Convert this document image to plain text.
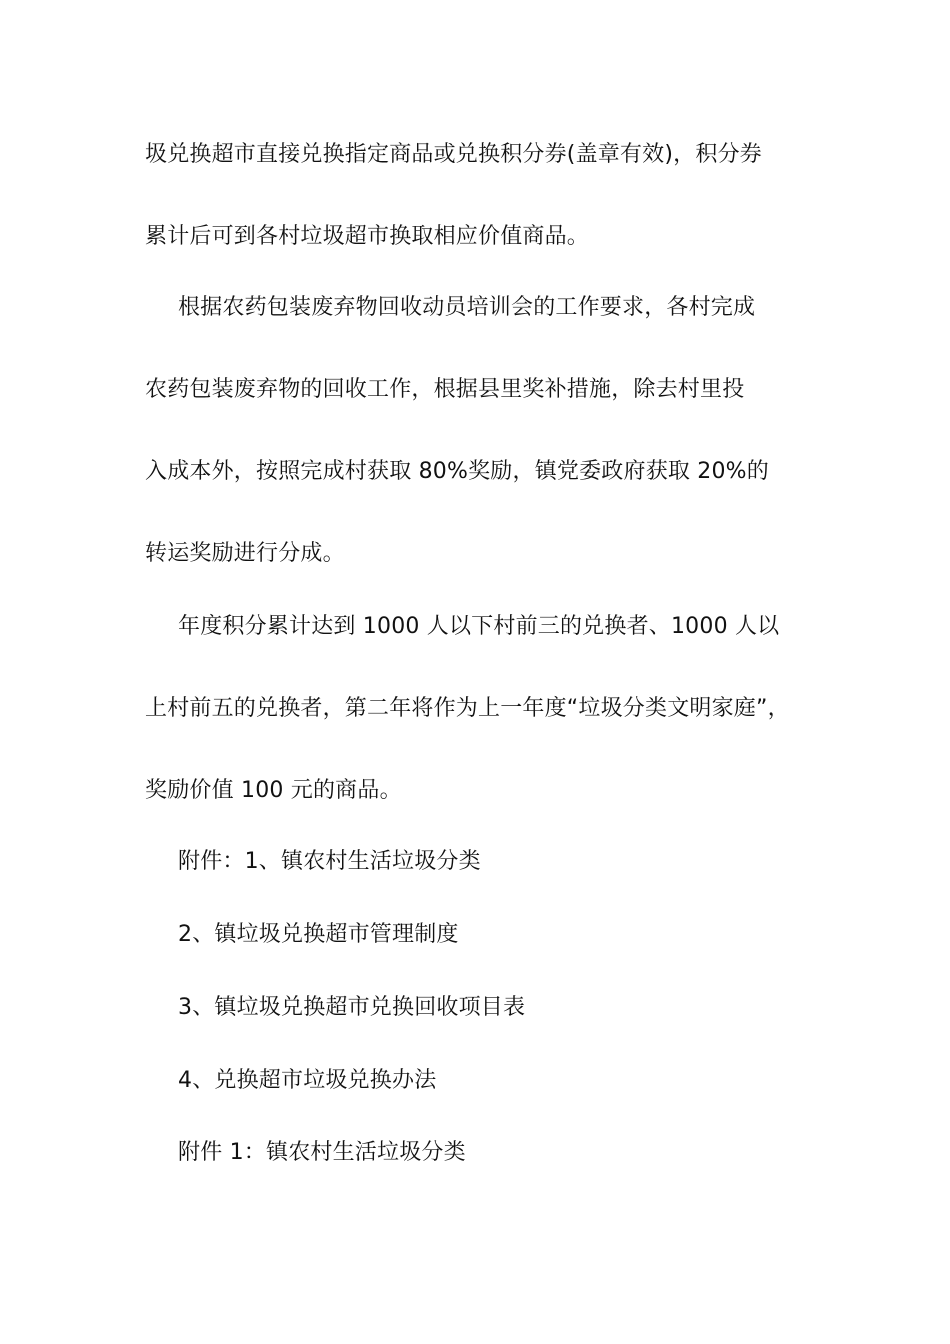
圾兑换超市直接兑换指定商品或兑换积分券(盖章有效)，积分券
累计后可到各村垃圾超市换取相应价值商品。
根据农药包装废弃物回收动员培训会的工作要求，各村完成
农药包装废弃物的回收工作，根据县里奖补措施，除去村里投
入成本外，按照完成村获取 80%奖励，镇党委政府获取 20%的
转运奖励进行分成。
年度积分累计达到 1000 人以下村前三的兑换者、1000 人以
上村前五的兑换者，第二年将作为上一年度“垃圾分类文明家庭”，
奖励价值 100 元的商品。
附件：1、镇农村生活垃圾分类
2、镇垃圾兑换超市管理制度
3、镇垃圾兑换超市兑换回收项目表
4、兑换超市垃圾兑换办法
附件 1：镇农村生活垃圾分类
